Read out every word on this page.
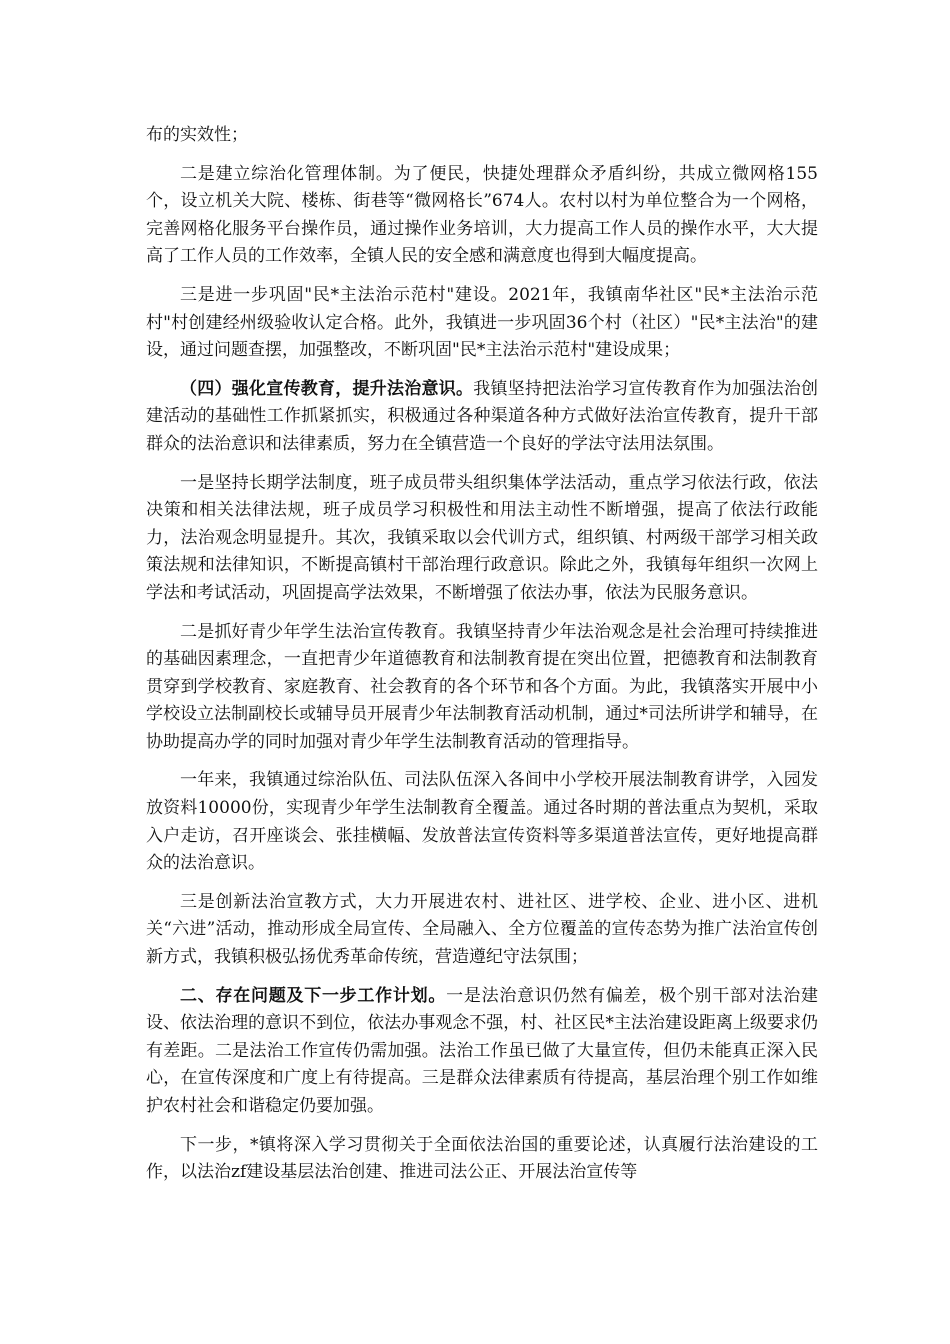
布的实效性；

二是建立综治化管理体制。为了便民，快捷处理群众矛盾纠纷，共成立微网格155个，设立机关大院、楼栋、街巷等“微网格长”674人。农村以村为单位整合为一个网格，完善网格化服务平台操作员，通过操作业务培训，大力提高工作人员的操作水平，大大提高了工作人员的工作效率，全镇人民的安全感和满意度也得到大幅度提高。

三是进一步巩固"民*主法治示范村"建设。2021年，我镇南华社区"民*主法治示范村"村创建经州级验收认定合格。此外，我镇进一步巩固36个村（社区）"民*主法治"的建设，通过问题查摆，加强整改，不断巩固"民*主法治示范村"建设成果；

（四）强化宣传教育，提升法治意识。我镇坚持把法治学习宣传教育作为加强法治创建活动的基础性工作抓紧抓实，积极通过各种渠道各种方式做好法治宣传教育，提升干部群众的法治意识和法律素质，努力在全镇营造一个良好的学法守法用法氛围。

一是坚持长期学法制度，班子成员带头组织集体学法活动，重点学习依法行政，依法决策和相关法律法规，班子成员学习积极性和用法主动性不断增强，提高了依法行政能力，法治观念明显提升。其次，我镇采取以会代训方式，组织镇、村两级干部学习相关政策法规和法律知识，不断提高镇村干部治理行政意识。除此之外，我镇每年组织一次网上学法和考试活动，巩固提高学法效果，不断增强了依法办事，依法为民服务意识。

二是抓好青少年学生法治宣传教育。我镇坚持青少年法治观念是社会治理可持续推进的基础因素理念，一直把青少年道德教育和法制教育提在突出位置，把德教育和法制教育贯穿到学校教育、家庭教育、社会教育的各个环节和各个方面。为此，我镇落实开展中小学校设立法制副校长或辅导员开展青少年法制教育活动机制，通过*司法所讲学和辅导，在协助提高办学的同时加强对青少年学生法制教育活动的管理指导。

一年来，我镇通过综治队伍、司法队伍深入各间中小学校开展法制教育讲学，入园发放资料10000份，实现青少年学生法制教育全覆盖。通过各时期的普法重点为契机，采取入户走访，召开座谈会、张挂横幅、发放普法宣传资料等多渠道普法宣传，更好地提高群众的法治意识。

三是创新法治宣教方式，大力开展进农村、进社区、进学校、企业、进小区、进机关“六进”活动，推动形成全局宣传、全局融入、全方位覆盖的宣传态势为推广法治宣传创新方式，我镇积极弘扬优秀革命传统，营造遵纪守法氛围；

二、存在问题及下一步工作计划。一是法治意识仍然有偏差，极个别干部对法治建设、依法治理的意识不到位，依法办事观念不强，村、社区民*主法治建设距离上级要求仍有差距。二是法治工作宣传仍需加强。法治工作虽已做了大量宣传，但仍未能真正深入民心，在宣传深度和广度上有待提高。三是群众法律素质有待提高，基层治理个别工作如维护农村社会和谐稳定仍要加强。

下一步，*镇将深入学习贯彻关于全面依法治国的重要论述，认真履行法治建设的工作，以法治zf建设基层法治创建、推进司法公正、开展法治宣传等
